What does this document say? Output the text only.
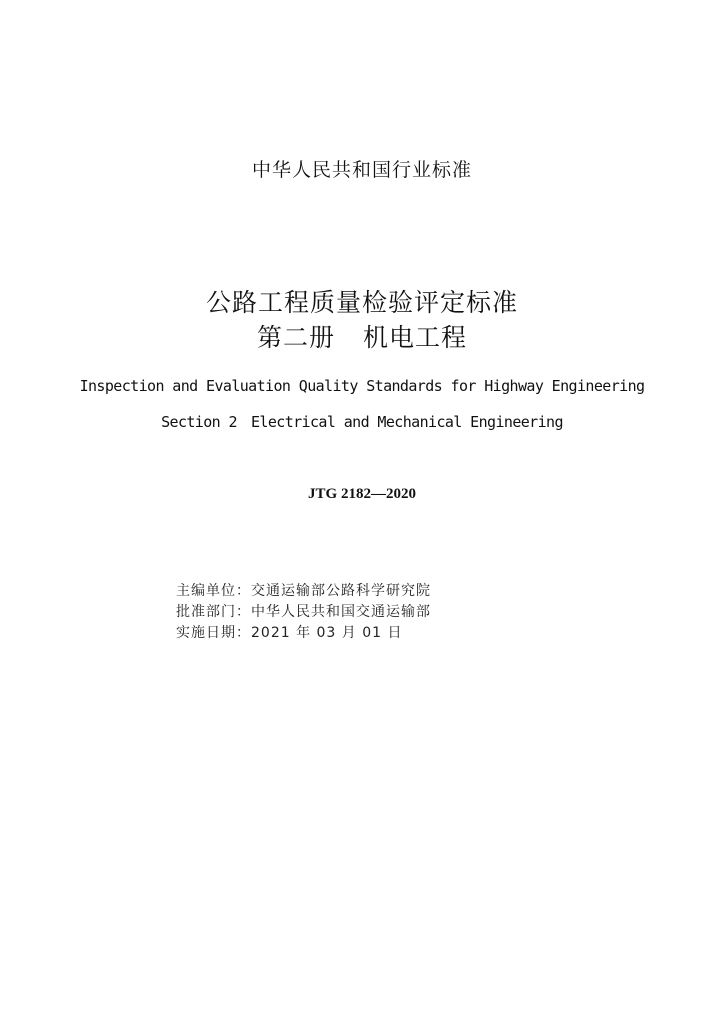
中华人民共和国行业标准
公路工程质量检验评定标准
第二册 机电工程
Inspection and Evaluation Quality Standards for Highway Engineering
Section 2 Electrical and Mechanical Engineering
JTG 2182—2020
主编单位：交通运输部公路科学研究院
批准部门：中华人民共和国交通运输部
实施日期：2021 年 03 月 01 日
